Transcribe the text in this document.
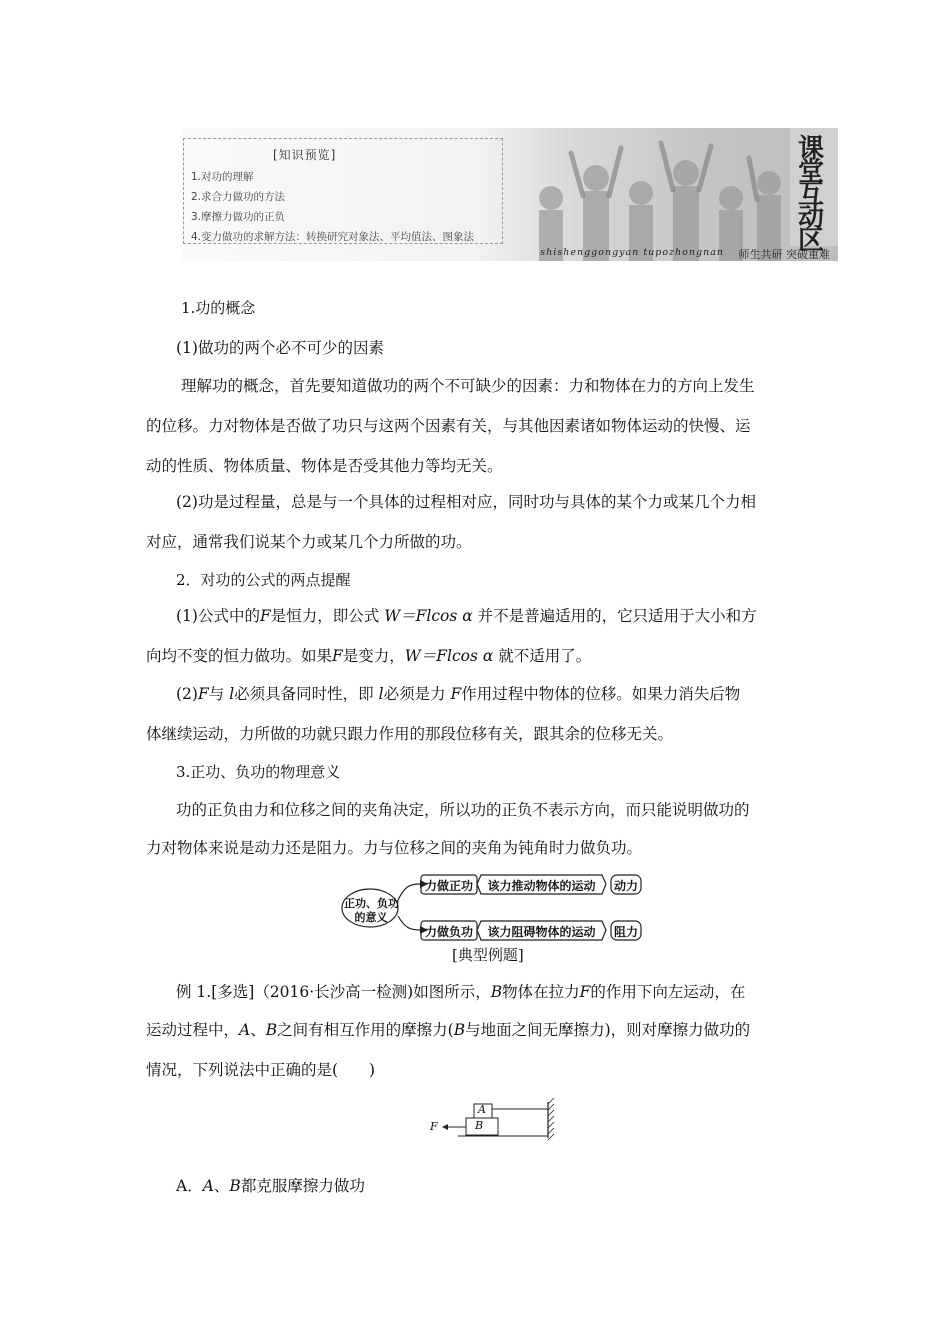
[知识预览]
1.对功的理解
2.求合力做功的方法
3.摩擦力做功的正负
4.变力做功的求解方法：转换研究对象法、平均值法、图象法
课
堂
互
动
区
shishenggongyan tupozhongnan 师生共研 突破重难
1.功的概念
(1)做功的两个必不可少的因素
理解功的概念，首先要知道做功的两个不可缺少的因素：力和物体在力的方向上发生
的位移。力对物体是否做了功只与这两个因素有关，与其他因素诸如物体运动的快慢、运
动的性质、物体质量、物体是否受其他力等均无关。
(2)功是过程量，总是与一个具体的过程相对应，同时功与具体的某个力或某几个力相
对应，通常我们说某个力或某几个力所做的功。
2．对功的公式的两点提醒
(1)公式中的F是恒力，即公式 W＝Flcos α 并不是普遍适用的，它只适用于大小和方
向均不变的恒力做功。如果F是变力，W＝Flcos α 就不适用了。
(2)F与 l必须具备同时性，即 l必须是力 F作用过程中物体的位移。如果力消失后物
体继续运动，力所做的功就只跟力作用的那段位移有关，跟其余的位移无关。
3.正功、负功的物理意义
功的正负由力和位移之间的夹角决定，所以功的正负不表示方向，而只能说明做功的
力对物体来说是动力还是阻力。力与位移之间的夹角为钝角时力做负功。
正功、负功
的意义
力做正功	该力推动物体的运动	动力
力做负功	该力阻碍物体的运动	阻力
[典型例题]
例 1.[多选]（2016·长沙高一检测)如图所示，B物体在拉力F的作用下向左运动，在
运动过程中，A、B之间有相互作用的摩擦力(B与地面之间无摩擦力)，则对摩擦力做功的
情况，下列说法中正确的是(　　)
A
B
F
A．A、B都克服摩擦力做功
